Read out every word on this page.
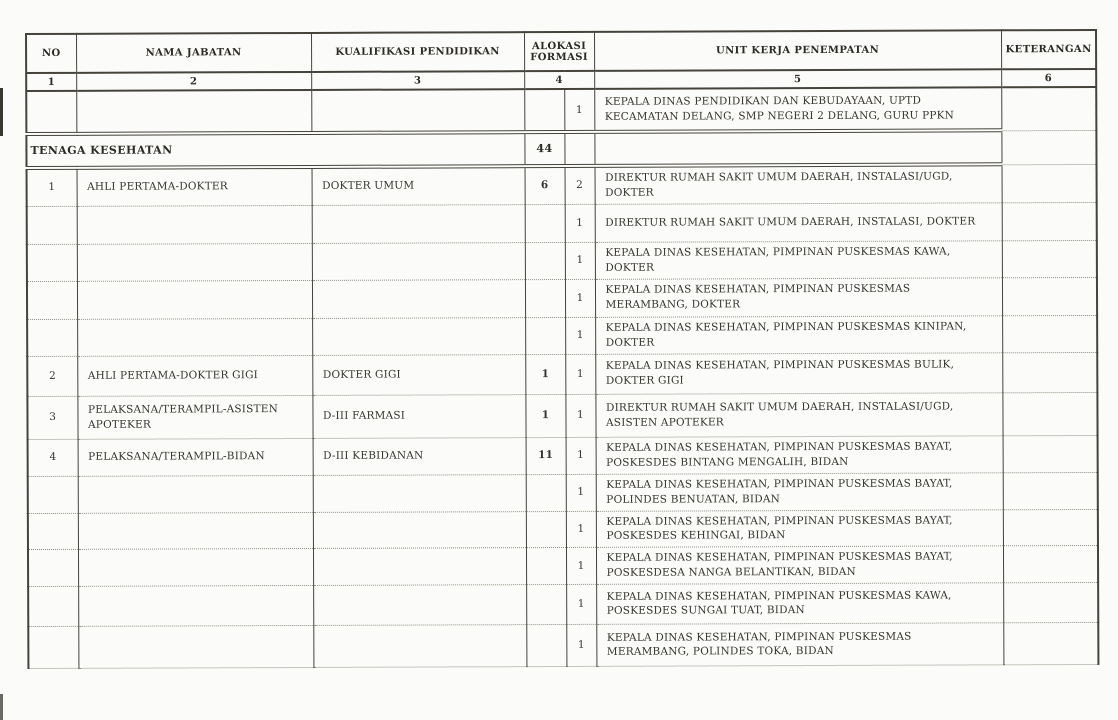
NO	NAMA JABATAN	KUALIFIKASI PENDIDIKAN	ALOKASI FORMASI		UNIT KERJA PENEMPATAN	KETERANGAN
1	2	3	4		5	6
				1	KEPALA DINAS PENDIDIKAN DAN KEBUDAYAAN, UPTD KECAMATAN DELANG, SMP NEGERI 2 DELANG, GURU PPKN	
TENAGA KESEHATAN			44			
1	AHLI PERTAMA-DOKTER	DOKTER UMUM	6	2	DIREKTUR RUMAH SAKIT UMUM DAERAH, INSTALASI/UGD, DOKTER	
				1	DIREKTUR RUMAH SAKIT UMUM DAERAH, INSTALASI, DOKTER	
				1	KEPALA DINAS KESEHATAN, PIMPINAN PUSKESMAS KAWA, DOKTER	
				1	KEPALA DINAS KESEHATAN, PIMPINAN PUSKESMAS MERAMBANG, DOKTER	
				1	KEPALA DINAS KESEHATAN, PIMPINAN PUSKESMAS KINIPAN, DOKTER	
2	AHLI PERTAMA-DOKTER GIGI	DOKTER GIGI	1	1	KEPALA DINAS KESEHATAN, PIMPINAN PUSKESMAS BULIK, DOKTER GIGI	
3	PELAKSANA/TERAMPIL-ASISTEN APOTEKER	D-III FARMASI	1	1	DIREKTUR RUMAH SAKIT UMUM DAERAH, INSTALASI/UGD, ASISTEN APOTEKER	
4	PELAKSANA/TERAMPIL-BIDAN	D-III KEBIDANAN	11	1	KEPALA DINAS KESEHATAN, PIMPINAN PUSKESMAS BAYAT, POSKESDES BINTANG MENGALIH, BIDAN	
				1	KEPALA DINAS KESEHATAN, PIMPINAN PUSKESMAS BAYAT, POLINDES BENUATAN, BIDAN	
				1	KEPALA DINAS KESEHATAN, PIMPINAN PUSKESMAS BAYAT, POSKESDES KEHINGAI, BIDAN	
				1	KEPALA DINAS KESEHATAN, PIMPINAN PUSKESMAS BAYAT, POSKESDESA NANGA BELANTIKAN, BIDAN	
				1	KEPALA DINAS KESEHATAN, PIMPINAN PUSKESMAS KAWA, POSKESDES SUNGAI TUAT, BIDAN	
				1	KEPALA DINAS KESEHATAN, PIMPINAN PUSKESMAS MERAMBANG, POLINDES TOKA, BIDAN	
